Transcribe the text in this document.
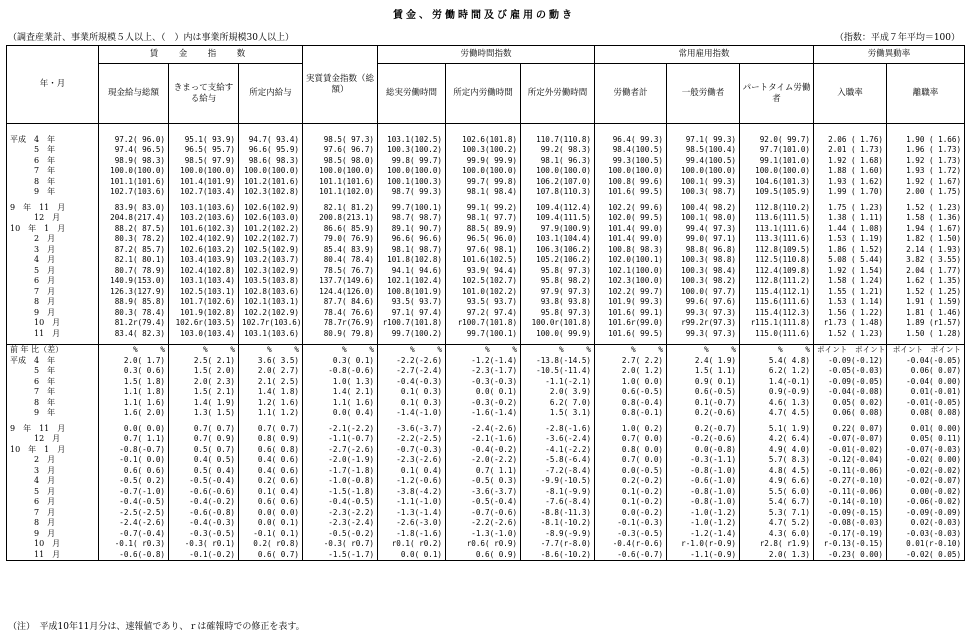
賃金、労働時間及び雇用の動き
（調査産業計、事業所規模５人以上、（　）内は事業所規模30人以上）	（指数：平成７年平均＝100）
年・月	賃　金　指　数			実質賃金指数（総額）	労働時間指数			常用雇用指数			労働異動率	
	現金給与総額	きまって支給する給与	所定内給与		総実労働時間	所定内労働時間	所定外労働時間	労働者計	一般労働者	パートタイム労働者	入職率	離職率

平成　4　年	97.2( 96.0)	95.1( 93.9)	94.7( 93.4)	98.5( 97.3)	103.1(102.5)	102.6(101.8)	110.7(110.8)	96.4( 99.3)	97.1( 99.3)	92.0( 99.7)	2.06 ( 1.76)	1.90 ( 1.66)
　　　5　年	97.4( 96.5)	96.5( 95.7)	96.6( 95.9)	97.6( 96.7)	100.3(100.2)	100.3(100.2)	99.2( 98.3)	98.4(100.5)	98.5(100.4)	97.7(101.0)	2.01 ( 1.73)	1.96 ( 1.73)
　　　6　年	98.9( 98.3)	98.5( 97.9)	98.6( 98.3)	98.5( 98.0)	99.8( 99.7)	99.9( 99.9)	98.1( 96.3)	99.3(100.5)	99.4(100.5)	99.1(101.0)	1.92 ( 1.68)	1.92 ( 1.73)
　　　7　年	100.0(100.0)	100.0(100.0)	100.0(100.0)	100.0(100.0)	100.0(100.0)	100.0(100.0)	100.0(100.0)	100.0(100.0)	100.0(100.0)	100.0(100.0)	1.88 ( 1.60)	1.93 ( 1.72)
　　　8　年	101.1(101.6)	101.4(101.9)	101.2(101.6)	101.1(101.6)	100.1(100.3)	99.7( 99.8)	106.2(107.0)	100.8( 99.6)	100.1( 99.3)	104.6(101.3)	1.93 ( 1.62)	1.92 ( 1.67)
　　　9　年	102.7(103.6)	102.7(103.4)	102.3(102.8)	101.1(102.0)	98.7( 99.3)	98.1( 98.4)	107.8(110.3)	101.6( 99.5)	100.3( 98.7)	109.5(105.9)	1.99 ( 1.70)	2.00 ( 1.75)

9　年　11　月	83.9( 83.0)	103.1(103.6)	102.6(102.9)	82.1( 81.2)	99.7(100.1)	99.1( 99.2)	109.4(112.4)	102.2( 99.6)	100.4( 98.2)	112.8(110.2)	1.75 ( 1.23)	1.52 ( 1.23)
　　　12　月	204.8(217.4)	103.2(103.6)	102.6(103.0)	200.8(213.1)	98.7( 98.7)	98.1( 97.7)	109.4(111.5)	102.0( 99.5)	100.1( 98.0)	113.6(111.5)	1.38 ( 1.11)	1.58 ( 1.36)
10　年　1　月	88.2( 87.5)	101.6(102.3)	101.2(102.2)	86.6( 85.9)	89.1( 90.7)	88.5( 89.9)	97.9(100.9)	101.4( 99.0)	99.4( 97.3)	113.1(111.6)	1.44 ( 1.08)	1.94 ( 1.67)
　　　2　月	80.3( 78.2)	102.4(102.9)	102.2(102.7)	79.0( 76.9)	96.6( 96.6)	96.5( 96.0)	103.1(104.4)	101.4( 99.0)	99.0( 97.1)	113.3(111.6)	1.53 ( 1.19)	1.82 ( 1.50)
　　　3　月	87.2( 85.7)	102.6(103.2)	102.5(102.9)	85.4( 83.9)	98.1( 98.7)	97.6( 98.1)	106.3(106.2)	100.8( 98.3)	98.8( 96.8)	112.8(109.5)	1.86 ( 1.52)	2.14 ( 1.93)
　　　4　月	82.1( 80.1)	103.4(103.9)	103.2(103.7)	80.4( 78.4)	101.8(102.8)	101.6(102.5)	105.2(106.2)	102.0(100.1)	100.3( 98.8)	112.5(110.8)	5.08 ( 5.44)	3.82 ( 3.55)
　　　5　月	80.7( 78.9)	102.4(102.8)	102.3(102.9)	78.5( 76.7)	94.1( 94.6)	93.9( 94.4)	95.8( 97.3)	102.1(100.0)	100.3( 98.4)	112.4(109.8)	1.92 ( 1.54)	2.04 ( 1.77)
　　　6　月	140.9(153.0)	103.1(103.4)	103.5(103.8)	137.7(149.6)	102.1(102.4)	102.5(102.7)	95.8( 98.2)	102.3(100.0)	100.3( 98.2)	112.8(111.2)	1.58 ( 1.24)	1.62 ( 1.35)
　　　7　月	126.3(127.9)	102.5(103.1)	102.8(103.6)	124.4(126.0)	100.8(101.9)	101.0(102.2)	97.9( 97.3)	102.2( 99.7)	100.0( 97.7)	115.4(112.1)	1.55 ( 1.21)	1.52 ( 1.25)
　　　8　月	88.9( 85.8)	101.7(102.6)	102.1(103.1)	87.7( 84.6)	93.5( 93.7)	93.5( 93.7)	93.8( 93.8)	101.9( 99.3)	99.6( 97.6)	115.6(111.6)	1.53 ( 1.14)	1.91 ( 1.59)
　　　9　月	80.3( 78.4)	101.9(102.8)	102.2(102.9)	78.4( 76.6)	97.1( 97.4)	97.2( 97.4)	95.8( 97.3)	101.6( 99.1)	99.3( 97.3)	115.4(112.3)	1.56 ( 1.22)	1.81 ( 1.46)
　　　10　月	81.2r(79.4)	102.6r(103.5)	102.7r(103.6)	78.7r(76.9)	r100.7(101.8)	r100.7(101.8)	100.0r(101.8)	101.6r(99.0)	r99.2r(97.3)	r115.1(111.8)	r1.73 ( 1.48)	1.89 (r1.57)
　　　11　月	83.4( 82.3)	103.0(103.4)	103.1(103.6)	80.9( 79.8)	99.7(100.2)	99.7(100.1)	100.0( 99.9)	101.6( 99.5)	99.3( 97.3)	115.0(111.6)	1.52 ( 1.23)	1.50 ( 1.28)

前 年 比（差）	%　　　%	%　　　%	%　　　%	%　　　%	%　　　%	%　　　%	%　　　%	%　　　%	%　　　%	%　　　%	ポイント　ポイント	ポイント　ポイント
平成　4　年	2.0( 1.7)	2.5( 2.1)	3.6( 3.5)	0.3( 0.1)	-2.2(-2.6)	-1.2(-1.4)	-13.8(-14.5)	2.7( 2.2)	2.4( 1.9)	5.4( 4.8)	-0.09(-0.12)	-0.04(-0.05)
　　　5　年	0.3( 0.6)	1.5( 2.0)	2.0( 2.7)	-0.8(-0.6)	-2.7(-2.4)	-2.3(-1.7)	-10.5(-11.4)	2.0( 1.2)	1.5( 1.1)	6.2( 1.2)	-0.05(-0.03)	0.06( 0.07)
　　　6　年	1.5( 1.8)	2.0( 2.3)	2.1( 2.5)	1.0( 1.3)	-0.4(-0.3)	-0.3(-0.3)	-1.1(-2.1)	1.0( 0.0)	0.9( 0.1)	1.4(-0.1)	-0.09(-0.05)	-0.04( 0.00)
　　　7　年	1.1( 1.8)	1.5( 2.1)	1.4( 1.8)	1.4( 2.1)	0.1( 0.3)	0.0( 0.1)	2.0( 3.9)	0.6(-0.5)	0.6(-0.5)	0.9(-0.9)	-0.04(-0.08)	0.01(-0.01)
　　　8　年	1.1( 1.6)	1.4( 1.9)	1.2( 1.6)	1.1( 1.6)	0.1( 0.3)	-0.3(-0.2)	6.2( 7.0)	0.8(-0.4)	0.1(-0.7)	4.6( 1.3)	0.05( 0.02)	-0.01(-0.05)
　　　9　年	1.6( 2.0)	1.3( 1.5)	1.1( 1.2)	0.0( 0.4)	-1.4(-1.0)	-1.6(-1.4)	1.5( 3.1)	0.8(-0.1)	0.2(-0.6)	4.7( 4.5)	0.06( 0.08)	0.08( 0.08)

9　年　11　月	0.0( 0.0)	0.7( 0.7)	0.7( 0.7)	-2.1(-2.2)	-3.6(-3.7)	-2.4(-2.6)	-2.8(-1.6)	1.0( 0.2)	0.2(-0.7)	5.1( 1.9)	0.22( 0.07)	0.01( 0.00)
　　　12　月	0.7( 1.1)	0.7( 0.9)	0.8( 0.9)	-1.1(-0.7)	-2.2(-2.5)	-2.1(-1.6)	-3.6(-2.4)	0.7( 0.0)	-0.2(-0.6)	4.2( 6.4)	-0.07(-0.07)	0.05( 0.11)
10　年　1　月	-0.8(-0.7)	0.5( 0.7)	0.6( 0.8)	-2.7(-2.6)	-0.7(-0.3)	-0.4(-0.2)	-4.1(-2.2)	0.8( 0.0)	0.0(-0.8)	4.9( 4.0)	-0.01(-0.02)	-0.07(-0.03)
　　　2　月	-0.1( 0.0)	0.4( 0.5)	0.4( 0.6)	-2.0(-1.9)	-2.3(-2.6)	-2.0(-2.2)	-5.8(-6.4)	0.7( 0.0)	-0.3(-1.1)	5.7( 8.3)	-0.12(-0.04)	-0.02( 0.00)
　　　3　月	0.6( 0.6)	0.5( 0.4)	0.4( 0.6)	-1.7(-1.8)	0.1( 0.4)	0.7( 1.1)	-7.2(-8.4)	0.0(-0.5)	-0.8(-1.0)	4.8( 4.5)	-0.11(-0.06)	-0.02(-0.02)
　　　4　月	-0.5( 0.2)	-0.5(-0.4)	0.2( 0.6)	-1.0(-0.8)	-1.2(-0.6)	-0.5( 0.3)	-9.9(-10.5)	0.2(-0.2)	-0.6(-1.0)	4.9( 6.6)	-0.27(-0.10)	-0.02(-0.07)
　　　5　月	-0.7(-1.0)	-0.6(-0.6)	0.1( 0.4)	-1.5(-1.8)	-3.8(-4.2)	-3.6(-3.7)	-8.1(-9.9)	0.1(-0.2)	-0.8(-1.0)	5.5( 6.0)	-0.11(-0.06)	0.00(-0.02)
　　　6　月	-0.4(-0.5)	-0.4(-0.2)	0.6( 0.6)	-0.4(-0.5)	-1.1(-1.0)	-0.5(-0.4)	-7.6(-8.4)	0.1(-0.2)	-0.8(-1.0)	5.4( 6.7)	-0.14(-0.10)	-0.06(-0.02)
　　　7　月	-2.5(-2.5)	-0.6(-0.8)	0.0( 0.0)	-2.3(-2.2)	-1.3(-1.4)	-0.7(-0.6)	-8.8(-11.3)	0.0(-0.2)	-1.0(-1.2)	5.3( 7.1)	-0.09(-0.15)	-0.09(-0.09)
　　　8　月	-2.4(-2.6)	-0.4(-0.3)	0.0( 0.1)	-2.3(-2.4)	-2.6(-3.0)	-2.2(-2.6)	-8.1(-10.2)	-0.1(-0.3)	-1.0(-1.2)	4.7( 5.2)	-0.08(-0.03)	0.02(-0.03)
　　　9　月	-0.7(-0.4)	-0.3(-0.5)	-0.1( 0.1)	-0.5(-0.2)	-1.8(-1.6)	-1.3(-1.0)	-8.9(-9.9)	-0.3(-0.5)	-1.2(-1.4)	4.3( 6.0)	-0.17(-0.19)	-0.03(-0.03)
　　　10　月	-0.1( r0.3)	-0.3( r0.1)	0.2( r0.8)	-0.3( r0.7)	r0.1( r0.2)	r0.6( r0.9)	-7.7(r-8.0)	-0.4(r-0.6)	r-1.0(r-0.9)	r2.8( r1.9)	r-0.13(-0.15)	0.01(r-0.10)
　　　11　月	-0.6(-0.8)	-0.1(-0.2)	0.6( 0.7)	-1.5(-1.7)	0.0( 0.1)	0.6( 0.9)	-8.6(-10.2)	-0.6(-0.7)	-1.1(-0.9)	2.0( 1.3)	-0.23( 0.00)	-0.02( 0.05)
（注）　平成10年11月分は、速報値であり、ｒは確報時での修正を表す。
